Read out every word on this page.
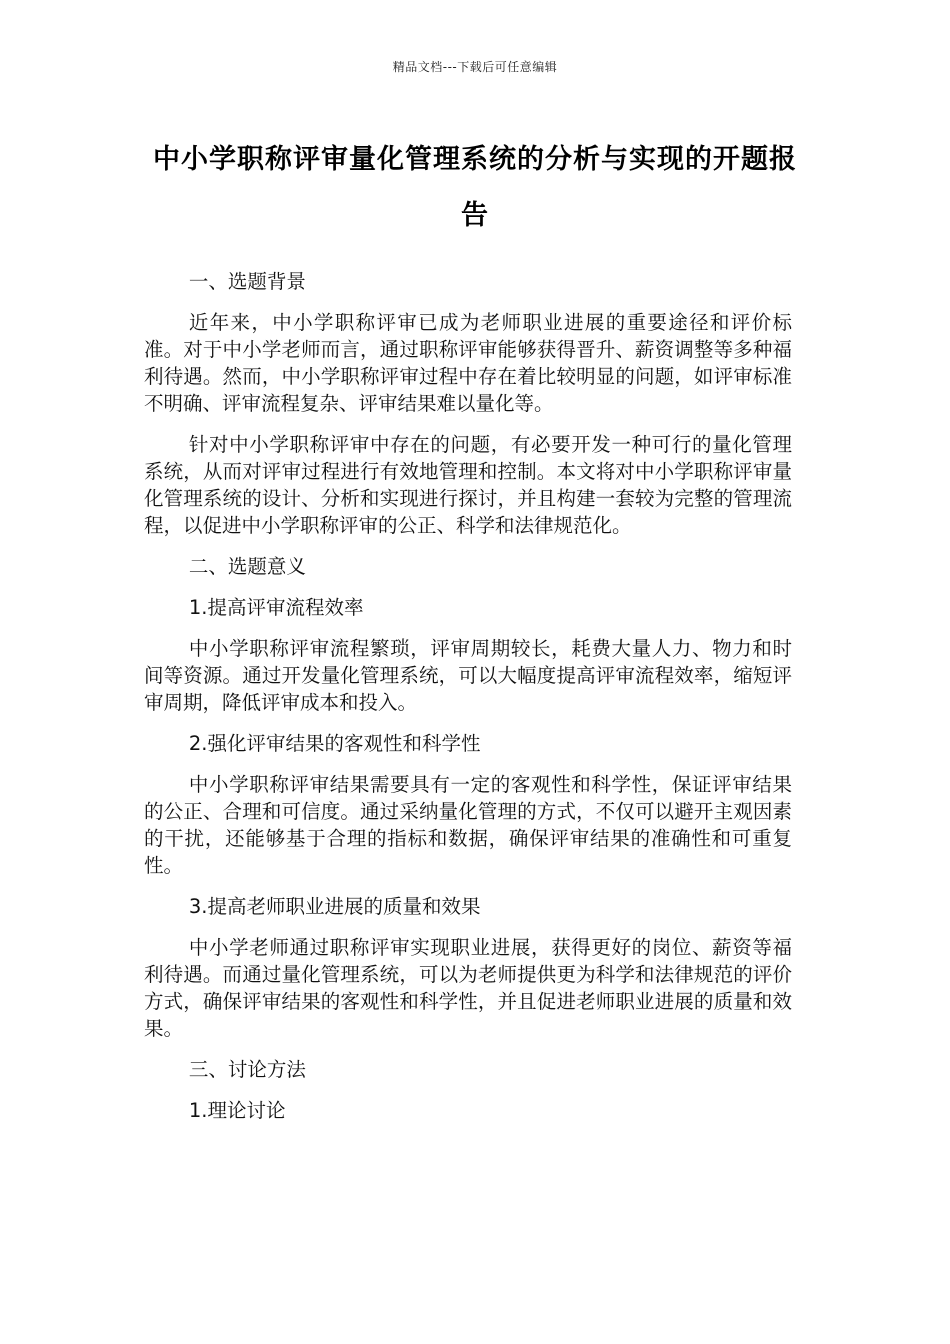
精品文档---下载后可任意编辑
中小学职称评审量化管理系统的分析与实现的开题报告

一、选题背景

近年来，中小学职称评审已成为老师职业进展的重要途径和评价标准。对于中小学老师而言，通过职称评审能够获得晋升、薪资调整等多种福利待遇。然而，中小学职称评审过程中存在着比较明显的问题，如评审标准不明确、评审流程复杂、评审结果难以量化等。

针对中小学职称评审中存在的问题，有必要开发一种可行的量化管理系统，从而对评审过程进行有效地管理和控制。本文将对中小学职称评审量化管理系统的设计、分析和实现进行探讨，并且构建一套较为完整的管理流程，以促进中小学职称评审的公正、科学和法律规范化。

二、选题意义

1.提高评审流程效率

中小学职称评审流程繁琐，评审周期较长，耗费大量人力、物力和时间等资源。通过开发量化管理系统，可以大幅度提高评审流程效率，缩短评审周期，降低评审成本和投入。

2.强化评审结果的客观性和科学性

中小学职称评审结果需要具有一定的客观性和科学性，保证评审结果的公正、合理和可信度。通过采纳量化管理的方式，不仅可以避开主观因素的干扰，还能够基于合理的指标和数据，确保评审结果的准确性和可重复性。

3.提高老师职业进展的质量和效果

中小学老师通过职称评审实现职业进展，获得更好的岗位、薪资等福利待遇。而通过量化管理系统，可以为老师提供更为科学和法律规范的评价方式，确保评审结果的客观性和科学性，并且促进老师职业进展的质量和效果。

三、讨论方法

1.理论讨论
